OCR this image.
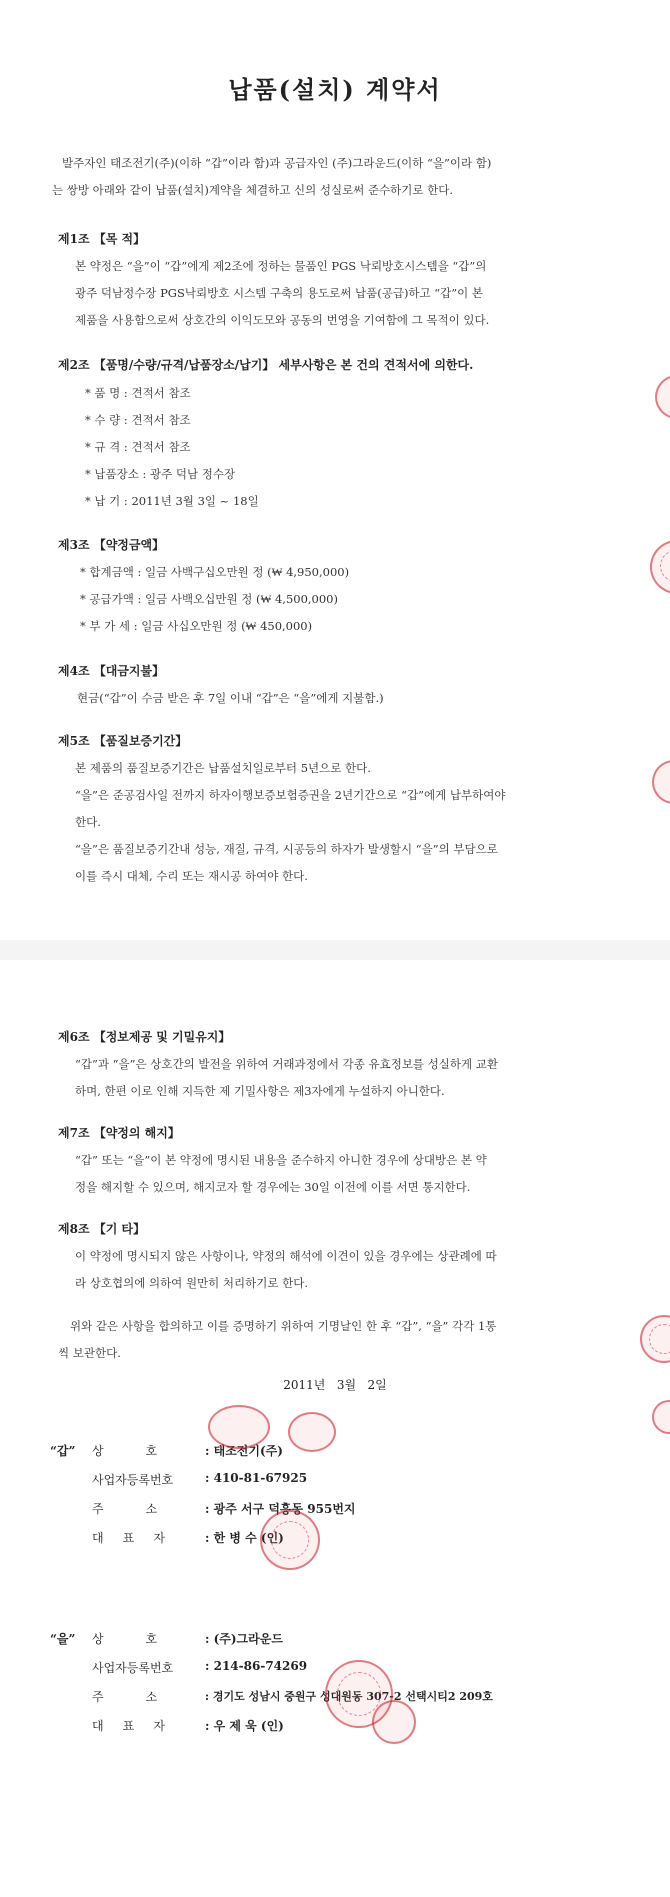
납품(설치) 계약서
발주자인 태조전기(주)(이하 “갑”이라 함)과 공급자인 (주)그라운드(이하 “을”이라 함)
는 쌍방 아래와 같이 납품(설치)계약을 체결하고 신의 성실로써 준수하기로 한다.
제1조 【목 적】
본 약정은 “을”이 “갑”에게 제2조에 정하는 물품인 PGS 낙뢰방호시스템을 “갑”의
광주 덕남정수장 PGS낙뢰방호 시스템 구축의 용도로써 납품(공급)하고 “갑”이 본
제품을 사용함으로써 상호간의 이익도모와 공동의 번영을 기여함에 그 목적이 있다.
제2조 【품명/수량/규격/납품장소/납기】 세부사항은 본 건의 견적서에 의한다.
* 품 명 : 견적서 참조
* 수 량 : 견적서 참조
* 규 격 : 견적서 참조
* 납품장소 : 광주 덕남 정수장
* 납 기 : 2011년 3월 3일 ~ 18일
제3조 【약정금액】
* 합계금액 : 일금 사백구십오만원 정 (₩ 4,950,000)
* 공급가액 : 일금 사백오십만원 정 (₩ 4,500,000)
* 부 가 세 : 일금 사십오만원 정 (₩ 450,000)
제4조 【대금지불】
현금(“갑”이 수금 받은 후 7일 이내 “갑”은 “을”에게 지불함.)
제5조 【품질보증기간】
본 제품의 품질보증기간은 납품설치일로부터 5년으로 한다.
“을”은 준공검사일 전까지 하자이행보증보험증권을 2년기간으로 “갑”에게 납부하여야
한다.
“을”은 품질보증기간내 성능, 재질, 규격, 시공등의 하자가 발생할시 “을”의 부담으로
이를 즉시 대체, 수리 또는 재시공 하여야 한다.
제6조 【정보제공 및 기밀유지】
“갑”과 “을”은 상호간의 발전을 위하여 거래과정에서 각종 유효정보를 성실하게 교환
하며, 한편 이로 인해 지득한 제 기밀사항은 제3자에게 누설하지 아니한다.
제7조 【약정의 해지】
“갑” 또는 “을”이 본 약정에 명시된 내용을 준수하지 아니한 경우에 상대방은 본 약
정을 해지할 수 있으며, 해지코자 할 경우에는 30일 이전에 이를 서면 통지한다.
제8조 【기 타】
이 약정에 명시되지 않은 사항이나, 약정의 해석에 이견이 있을 경우에는 상관례에 따
라 상호협의에 의하여 원만히 처리하기로 한다.
위와 같은 사항을 합의하고 이를 증명하기 위하여 기명날인 한 후 “갑”, “을” 각각 1통
씩 보관한다.
2011년   3월   2일
“갑” 상           호	: 태조전기(주)
사업자등록번호	: 410-81-67925
주           소	: 광주 서구 덕흥동 955번지
대     표     자	: 한 병 수 (인)
“을” 상           호	: (주)그라운드
사업자등록번호	: 214-86-74269
주           소	: 경기도 성남시 중원구 성대원동 307-2 선택시티2 209호
대     표     자	: 우 제 욱 (인)
